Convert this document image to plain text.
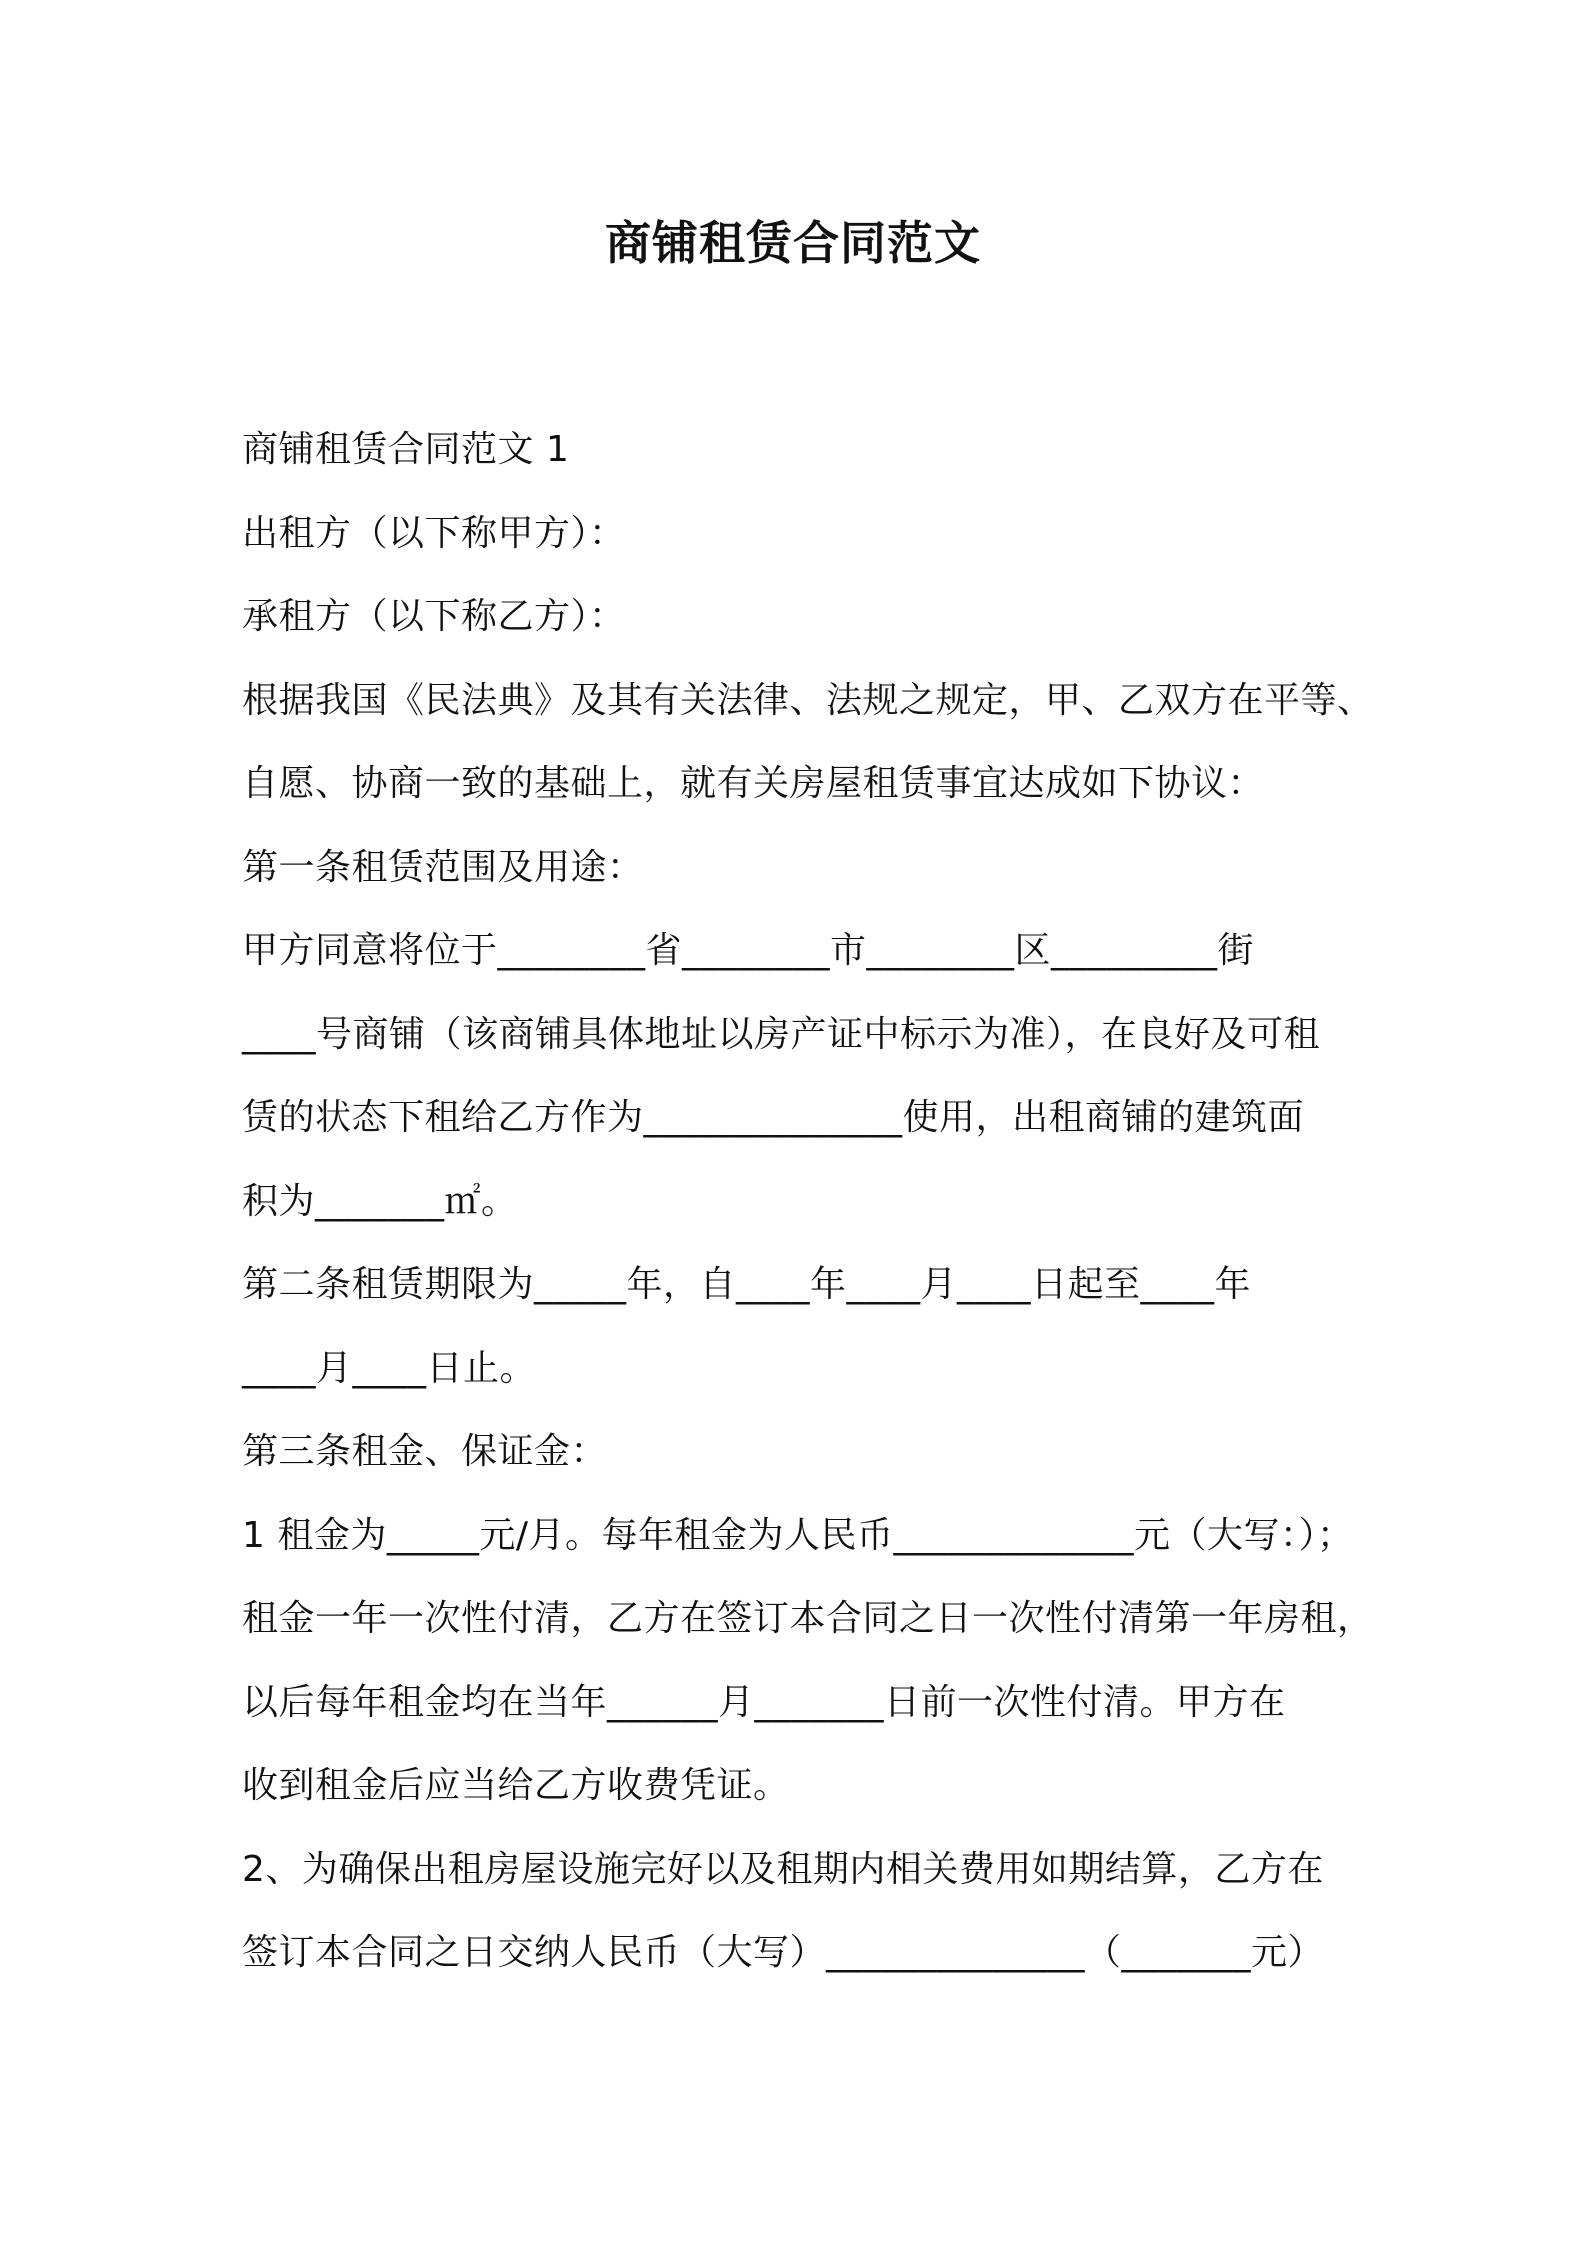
商铺租赁合同范文
商铺租赁合同范文 1
出租方（以下称甲方）：
承租方（以下称乙方）：
根据我国《民法典》及其有关法律、法规之规定，甲、乙双方在平等、
自愿、协商一致的基础上，就有关房屋租赁事宜达成如下协议：
第一条租赁范围及用途：
甲方同意将位于________省________市________区_________街
____号商铺（该商铺具体地址以房产证中标示为准），在良好及可租
赁的状态下租给乙方作为______________使用，出租商铺的建筑面
积为_______㎡。
第二条租赁期限为_____年，自____年____月____日起至____年
____月____日止。
第三条租金、保证金：
1 租金为_____元/月。每年租金为人民币_____________元（大写：）；
租金一年一次性付清，乙方在签订本合同之日一次性付清第一年房租，
以后每年租金均在当年______月_______日前一次性付清。甲方在
收到租金后应当给乙方收费凭证。
2、为确保出租房屋设施完好以及租期内相关费用如期结算，乙方在
签订本合同之日交纳人民币（大写）______________（_______元）
